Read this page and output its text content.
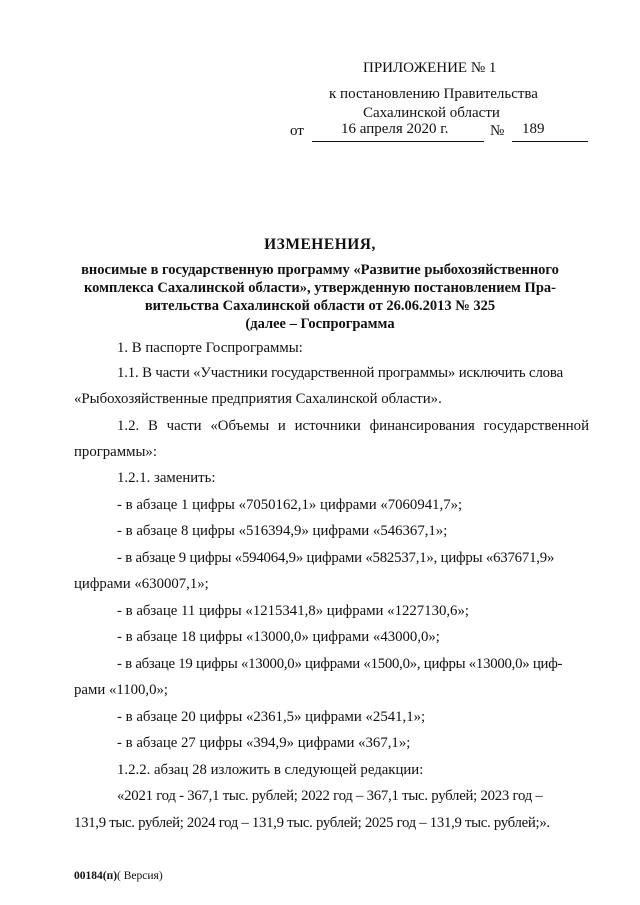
ПРИЛОЖЕНИЕ № 1
к постановлению Правительства
Сахалинской области
от 16 апреля 2020 г.	№ 189
ИЗМЕНЕНИЯ,
вносимые в государственную программу «Развитие рыбохозяйственного
комплекса Сахалинской области», утвержденную постановлением Пра-
вительства Сахалинской области от 26.06.2013 № 325
(далее – Госпрограмма
1. В паспорте Госпрограммы:
1.1. В части «Участники государственной программы» исключить слова
«Рыбохозяйственные предприятия Сахалинской области».
1.2. В части «Объемы и источники финансирования государственной
программы»:
1.2.1. заменить:
- в абзаце 1 цифры «7050162,1» цифрами «7060941,7»;
- в абзаце 8 цифры «516394,9» цифрами «546367,1»;
- в абзаце 9 цифры «594064,9» цифрами «582537,1», цифры «637671,9»
цифрами «630007,1»;
- в абзаце 11 цифры «1215341,8» цифрами «1227130,6»;
- в абзаце 18 цифры «13000,0» цифрами «43000,0»;
- в абзаце 19 цифры «13000,0» цифрами «1500,0», цифры «13000,0» циф-
рами «1100,0»;
- в абзаце 20 цифры «2361,5» цифрами «2541,1»;
- в абзаце 27 цифры «394,9» цифрами «367,1»;
1.2.2. абзац 28 изложить в следующей редакции:
«2021 год - 367,1 тыс. рублей; 2022 год – 367,1 тыс. рублей; 2023 год –
131,9 тыс. рублей; 2024 год – 131,9 тыс. рублей; 2025 год – 131,9 тыс. рублей;».
00184(п)( Версия)
